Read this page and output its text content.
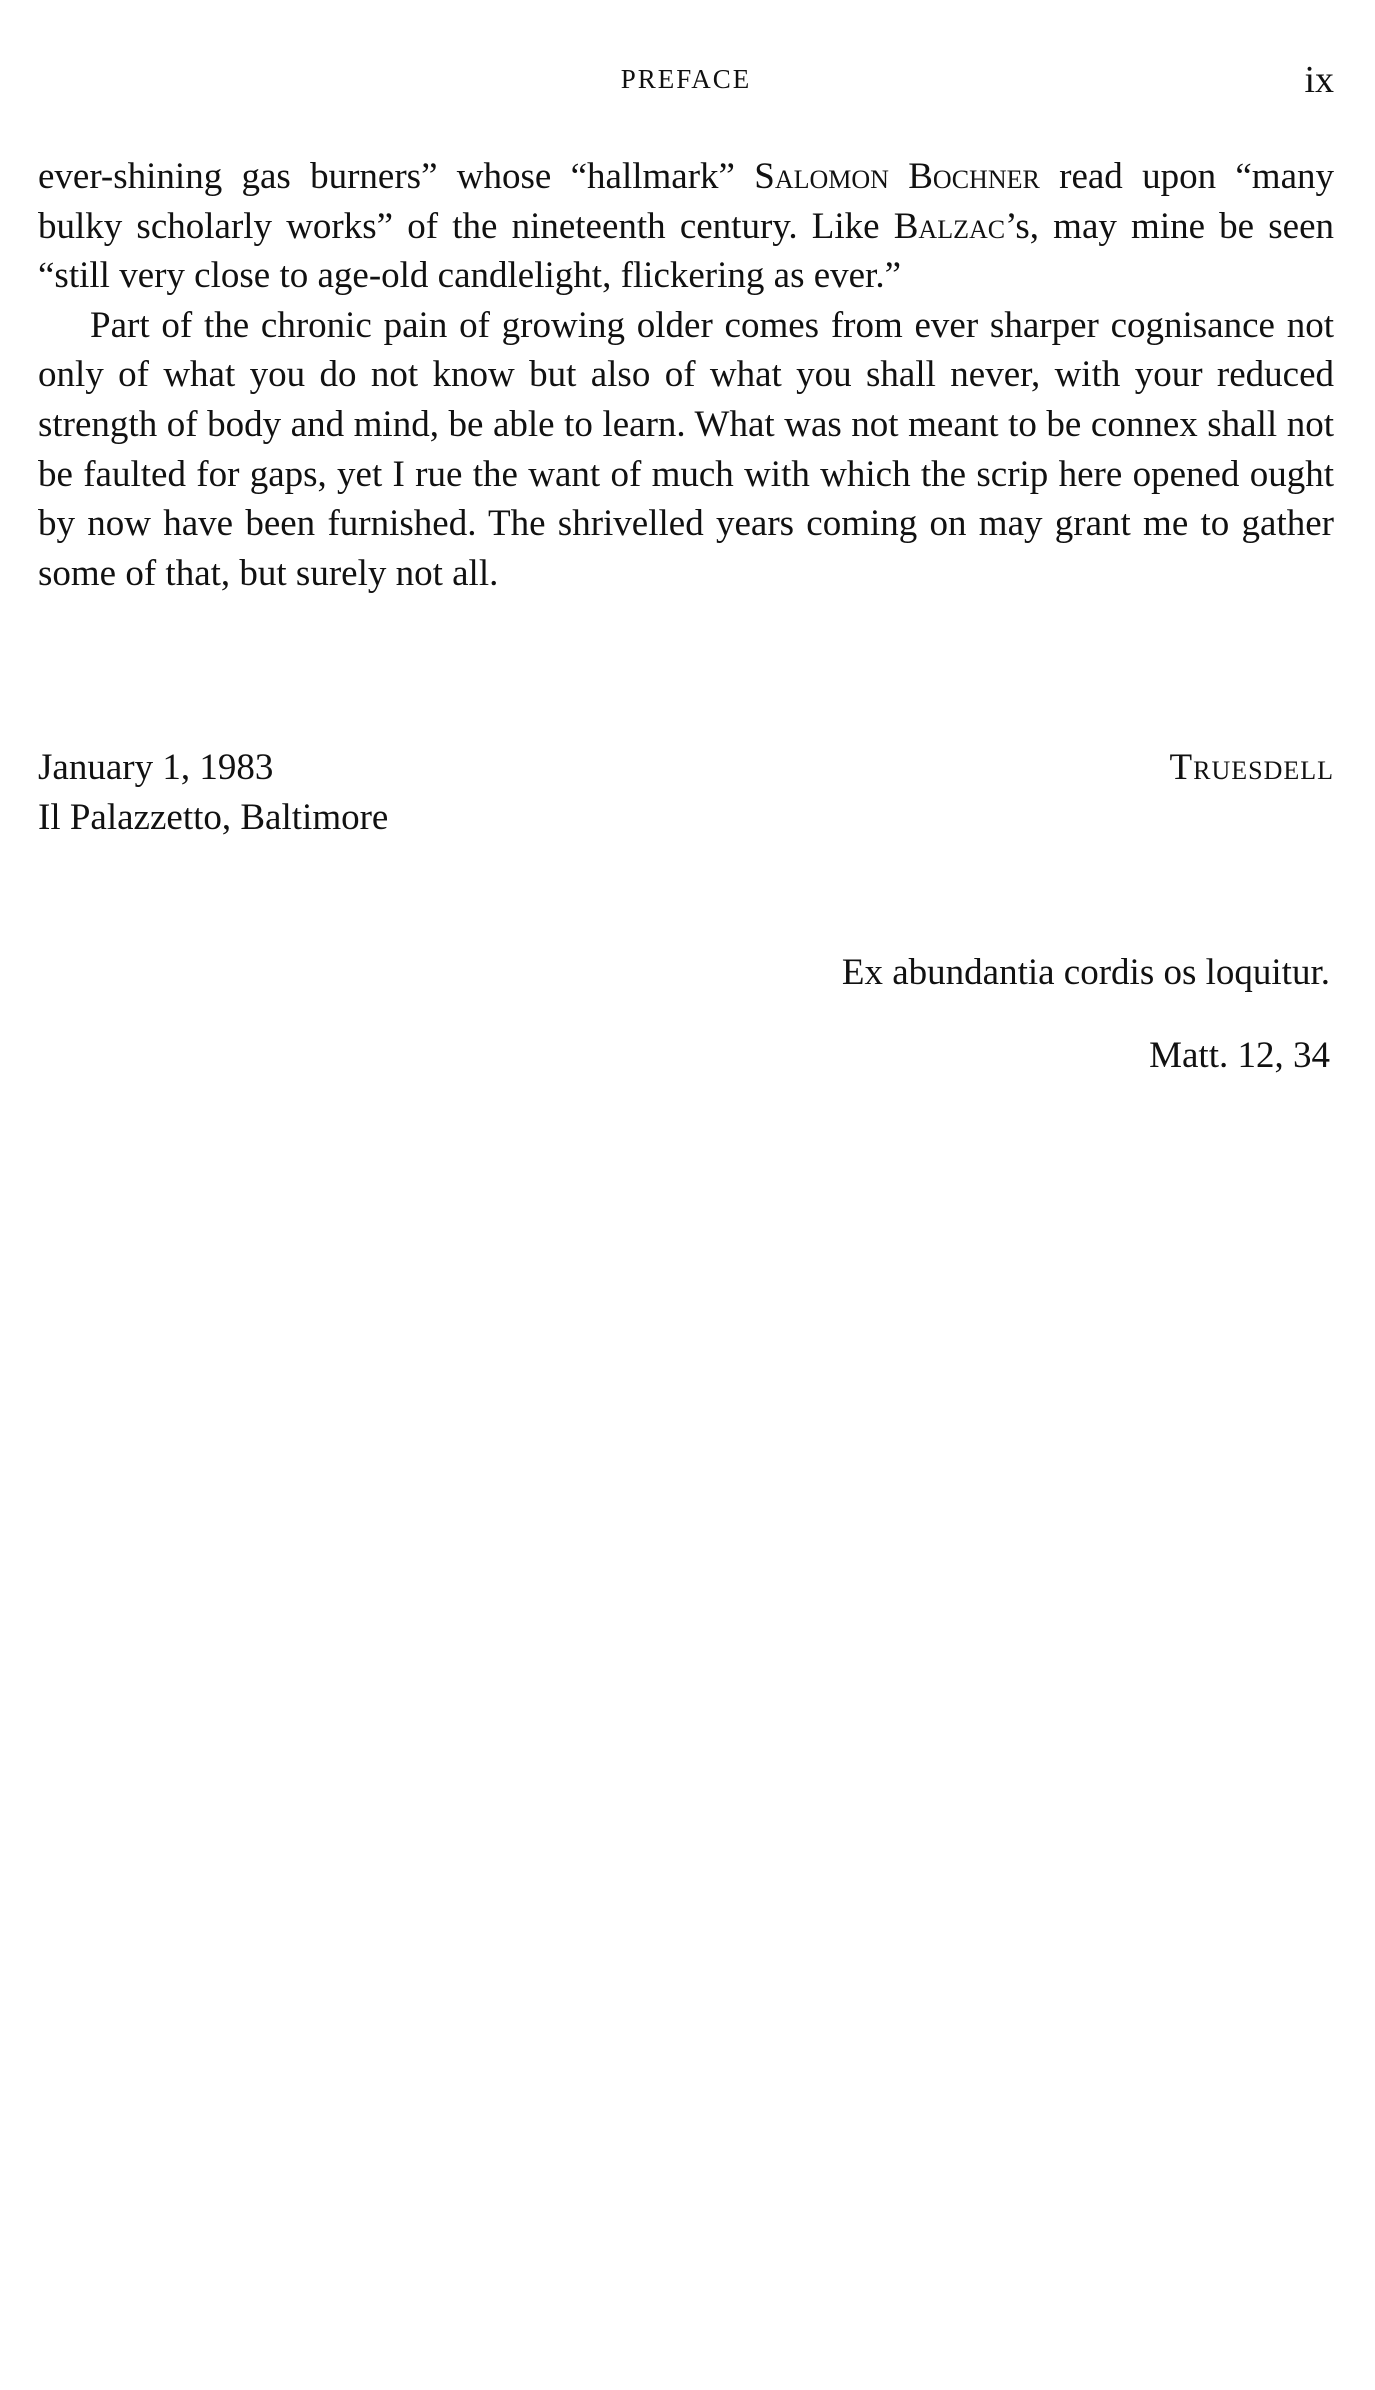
PREFACE	ix

ever-shining gas burners” whose “hallmark” Salomon Bochner read upon “many bulky scholarly works” of the nineteenth century. Like Balzac’s, may mine be seen “still very close to age-old candlelight, flickering as ever.”

Part of the chronic pain of growing older comes from ever sharper cognisance not only of what you do not know but also of what you shall never, with your reduced strength of body and mind, be able to learn. What was not meant to be connex shall not be faulted for gaps, yet I rue the want of much with which the scrip here opened ought by now have been furnished. The shrivelled years coming on may grant me to gather some of that, but surely not all.

January 1, 1983
Il Palazzetto, Baltimore
Truesdell
Ex abundantia cordis os loquitur.
Matt. 12, 34
